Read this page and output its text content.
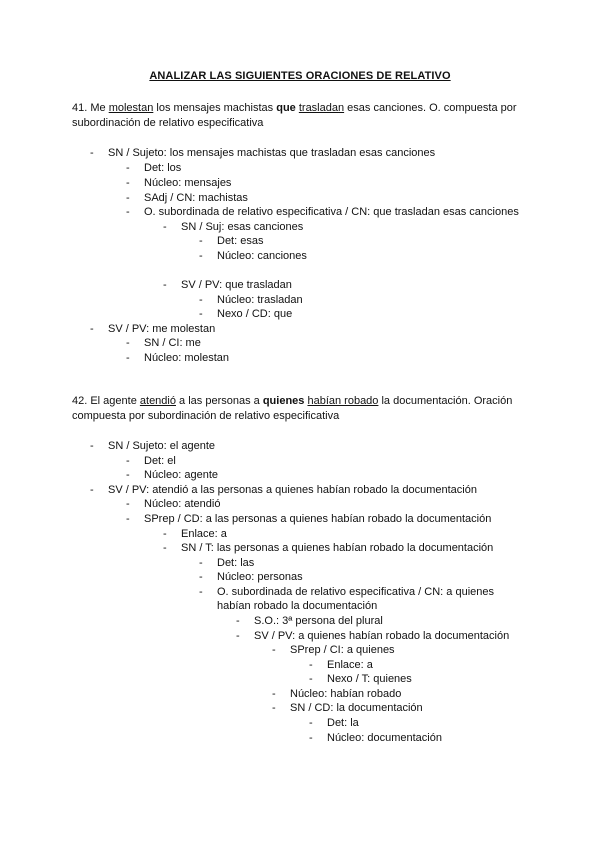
ANALIZAR LAS SIGUIENTES ORACIONES DE RELATIVO
41. Me molestan los mensajes machistas que trasladan esas canciones. O. compuesta por subordinación de relativo especificativa
- SN / Sujeto: los mensajes machistas que trasladan esas canciones
- Det: los
- Núcleo: mensajes
- SAdj / CN: machistas
- O. subordinada de relativo especificativa / CN: que trasladan esas canciones
- SN / Suj: esas canciones
- Det: esas
- Núcleo: canciones
- SV / PV: que trasladan
- Núcleo: trasladan
- Nexo / CD: que
- SV / PV: me molestan
- SN / CI: me
- Núcleo: molestan
42. El agente atendió a las personas a quienes habían robado la documentación. Oración compuesta por subordinación de relativo especificativa
- SN / Sujeto: el agente
- Det: el
- Núcleo: agente
- SV / PV: atendió a las personas a quienes habían robado la documentación
- Núcleo: atendió
- SPrep / CD: a las personas a quienes habían robado la documentación
- Enlace: a
- SN / T: las personas a quienes habían robado la documentación
- Det: las
- Núcleo: personas
- O. subordinada de relativo especificativa / CN: a quienes habían robado la documentación
- S.O.: 3ª persona del plural
- SV / PV: a quienes habían robado la documentación
- SPrep / CI: a quienes
- Enlace: a
- Nexo / T: quienes
- Núcleo: habían robado
- SN / CD: la documentación
- Det: la
- Núcleo: documentación
